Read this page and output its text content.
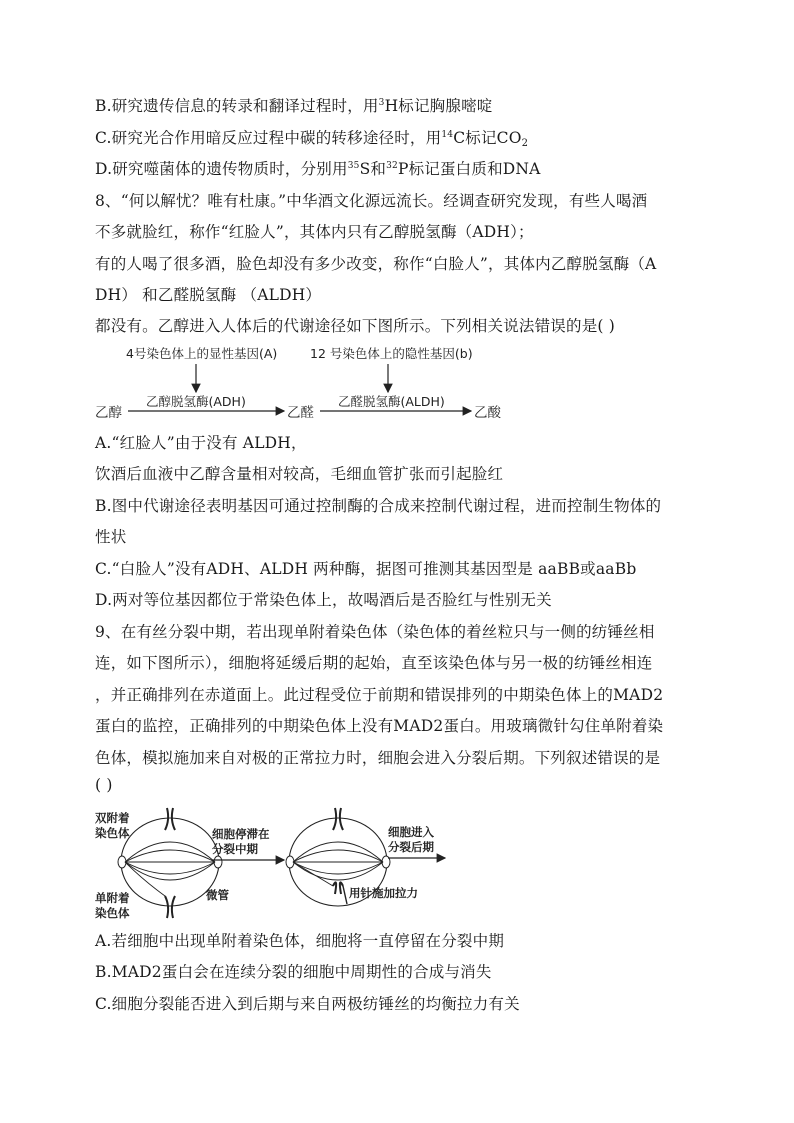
B.研究遗传信息的转录和翻译过程时，用$^3$H标记胸腺嘧啶
C.研究光合作用暗反应过程中碳的转移途径时，用$^{14}$C标记$CO_2$
D.研究噬菌体的遗传物质时，分别用$^{35}$S和$^{32}$P标记蛋白质和DNA
8、“何以解忧？唯有杜康。”中华酒文化源远流长。经调查研究发现，有些人喝酒
不多就脸红，称作“红脸人”，其体内只有乙醇脱氢酶（ADH）；
有的人喝了很多酒，脸色却没有多少改变，称作“白脸人”，其体内乙醇脱氢酶（A
DH） 和乙醛脱氢酶 （ALDH）
都没有。乙醇进入人体后的代谢途径如下图所示。下列相关说法错误的是( )
4号染色体上的显性基因(A)	12 号染色体上的隐性基因(b)
乙醇脱氢酶(ADH)	乙醛脱氢酶(ALDH)
乙醇	乙醛	乙酸
A.“红脸人”由于没有 ALDH，
饮酒后血液中乙醇含量相对较高，毛细血管扩张而引起脸红
B.图中代谢途径表明基因可通过控制酶的合成来控制代谢过程，进而控制生物体的
性状
C.“白脸人”没有ADH、ALDH 两种酶，据图可推测其基因型是 aaBB或aaBb
D.两对等位基因都位于常染色体上，故喝酒后是否脸红与性别无关
9、在有丝分裂中期，若出现单附着染色体（染色体的着丝粒只与一侧的纺锤丝相
连，如下图所示），细胞将延缓后期的起始，直至该染色体与另一极的纺锤丝相连
，并正确排列在赤道面上。此过程受位于前期和错误排列的中期染色体上的MAD2
蛋白的监控，正确排列的中期染色体上没有MAD2蛋白。用玻璃微针勾住单附着染
色体，模拟施加来自对极的正常拉力时，细胞会进入分裂后期。下列叙述错误的是
( )
双附着
染色体
单附着
染色体
微管
细胞停滞在
分裂中期
细胞进入
分裂后期
用针施加拉力
A.若细胞中出现单附着染色体，细胞将一直停留在分裂中期
B.MAD2蛋白会在连续分裂的细胞中周期性的合成与消失
C.细胞分裂能否进入到后期与来自两极纺锤丝的均衡拉力有关
